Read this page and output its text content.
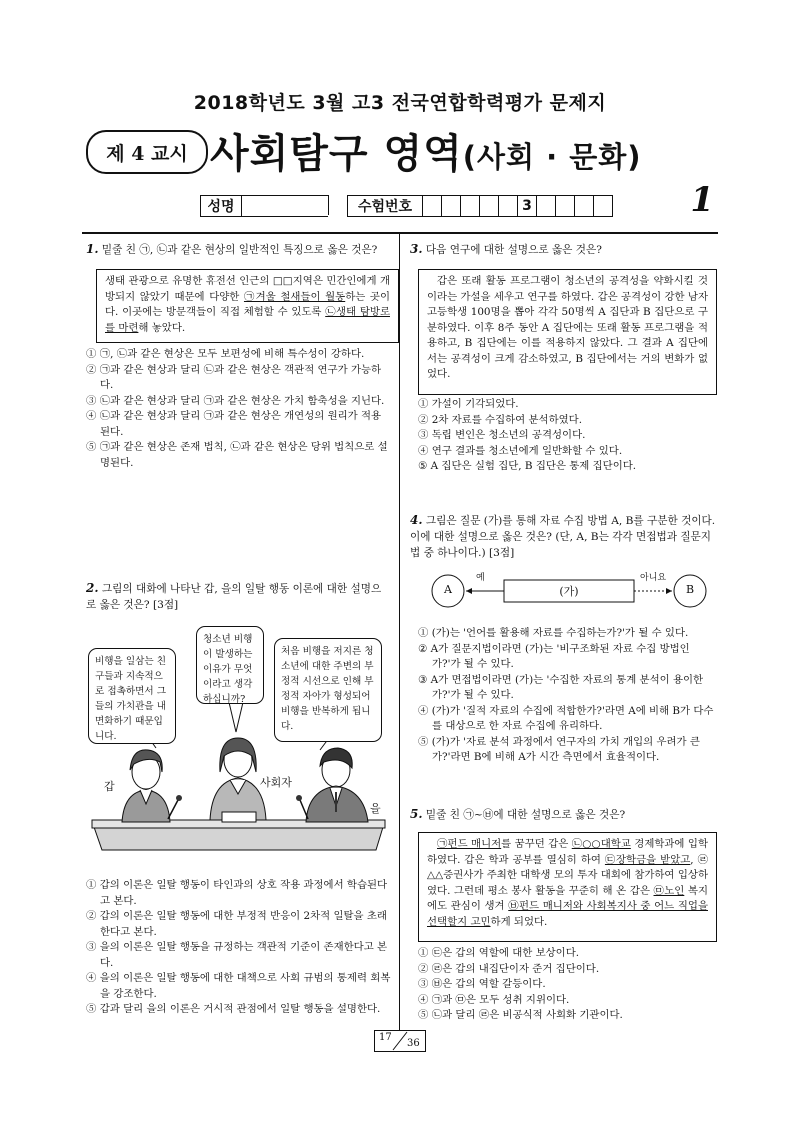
2018학년도 3월 고3 전국연합학력평가 문제지
제 4 교시 사회탐구 영역(사회 · 문화)
성명	수험번호	3	1
1. 밑줄 친 ㉠, ㉡과 같은 현상의 일반적인 특징으로 옳은 것은?
생태 관광으로 유명한 휴전선 인근의 □□지역은 민간인에게 개방되지 않았기 때문에 다양한 ㉠겨울 철새들이 월동하는 곳이다. 이곳에는 방문객들이 직접 체험할 수 있도록 ㉡생태 탐방로를 마련해 놓았다.
① ㉠, ㉡과 같은 현상은 모두 보편성에 비해 특수성이 강하다.
② ㉠과 같은 현상과 달리 ㉡과 같은 현상은 객관적 연구가 가능하다.
③ ㉡과 같은 현상과 달리 ㉠과 같은 현상은 가치 함축성을 지닌다.
④ ㉡과 같은 현상과 달리 ㉠과 같은 현상은 개연성의 원리가 적용된다.
⑤ ㉠과 같은 현상은 존재 법칙, ㉡과 같은 현상은 당위 법칙으로 설명된다.
2. 그림의 대화에 나타난 갑, 을의 일탈 행동 이론에 대한 설명으로 옳은 것은? [3점]
비행을 일삼는 친구들과 지속적으로 접촉하면서 그들의 가치관을 내면화하기 때문입니다.
청소년 비행이 발생하는 이유가 무엇이라고 생각하십니까?
처음 비행을 저지른 청소년에 대한 주변의 부정적 시선으로 인해 부정적 자아가 형성되어 비행을 반복하게 됩니다.
갑	사회자
을
① 갑의 이론은 일탈 행동이 타인과의 상호 작용 과정에서 학습된다고 본다.
② 갑의 이론은 일탈 행동에 대한 부정적 반응이 2차적 일탈을 초래한다고 본다.
③ 을의 이론은 일탈 행동을 규정하는 객관적 기준이 존재한다고 본다.
④ 을의 이론은 일탈 행동에 대한 대책으로 사회 규범의 통제력 회복을 강조한다.
⑤ 갑과 달리 을의 이론은 거시적 관점에서 일탈 행동을 설명한다.
3. 다음 연구에 대한 설명으로 옳은 것은?
갑은 또래 활동 프로그램이 청소년의 공격성을 약화시킬 것이라는 가설을 세우고 연구를 하였다. 갑은 공격성이 강한 남자 고등학생 100명을 뽑아 각각 50명씩 A 집단과 B 집단으로 구분하였다. 이후 8주 동안 A 집단에는 또래 활동 프로그램을 적용하고, B 집단에는 이를 적용하지 않았다. 그 결과 A 집단에서는 공격성이 크게 감소하였고, B 집단에서는 거의 변화가 없었다.
① 가설이 기각되었다.
② 2차 자료를 수집하여 분석하였다.
③ 독립 변인은 청소년의 공격성이다.
④ 연구 결과를 청소년에게 일반화할 수 있다.
⑤ A 집단은 실험 집단, B 집단은 통제 집단이다.
4. 그림은 질문 (가)를 통해 자료 수집 방법 A, B를 구분한 것이다. 이에 대한 설명으로 옳은 것은? (단, A, B는 각각 면접법과 질문지법 중 하나이다.) [3점]
A	B
(가)
예	아니요
① (가)는 '언어를 활용해 자료를 수집하는가?'가 될 수 있다.
② A가 질문지법이라면 (가)는 '비구조화된 자료 수집 방법인가?'가 될 수 있다.
③ A가 면접법이라면 (가)는 '수집한 자료의 통계 분석이 용이한가?'가 될 수 있다.
④ (가)가 '질적 자료의 수집에 적합한가?'라면 A에 비해 B가 다수를 대상으로 한 자료 수집에 유리하다.
⑤ (가)가 '자료 분석 과정에서 연구자의 가치 개입의 우려가 큰가?'라면 B에 비해 A가 시간 측면에서 효율적이다.
5. 밑줄 친 ㉠~㉥에 대한 설명으로 옳은 것은?
㉠펀드 매니저를 꿈꾸던 갑은 ㉡○○대학교 경제학과에 입학하였다. 갑은 학과 공부를 열심히 하여 ㉢장학금을 받았고, ㉣△△증권사가 주최한 대학생 모의 투자 대회에 참가하여 입상하였다. 그런데 평소 봉사 활동을 꾸준히 해 온 갑은 ㉤노인 복지에도 관심이 생겨 ㉥펀드 매니저와 사회복지사 중 어느 직업을 선택할지 고민하게 되었다.
① ㉢은 갑의 역할에 대한 보상이다.
② ㉣은 갑의 내집단이자 준거 집단이다.
③ ㉥은 갑의 역할 갈등이다.
④ ㉠과 ㉤은 모두 성취 지위이다.
⑤ ㉡과 달리 ㉣은 비공식적 사회화 기관이다.
17
36
